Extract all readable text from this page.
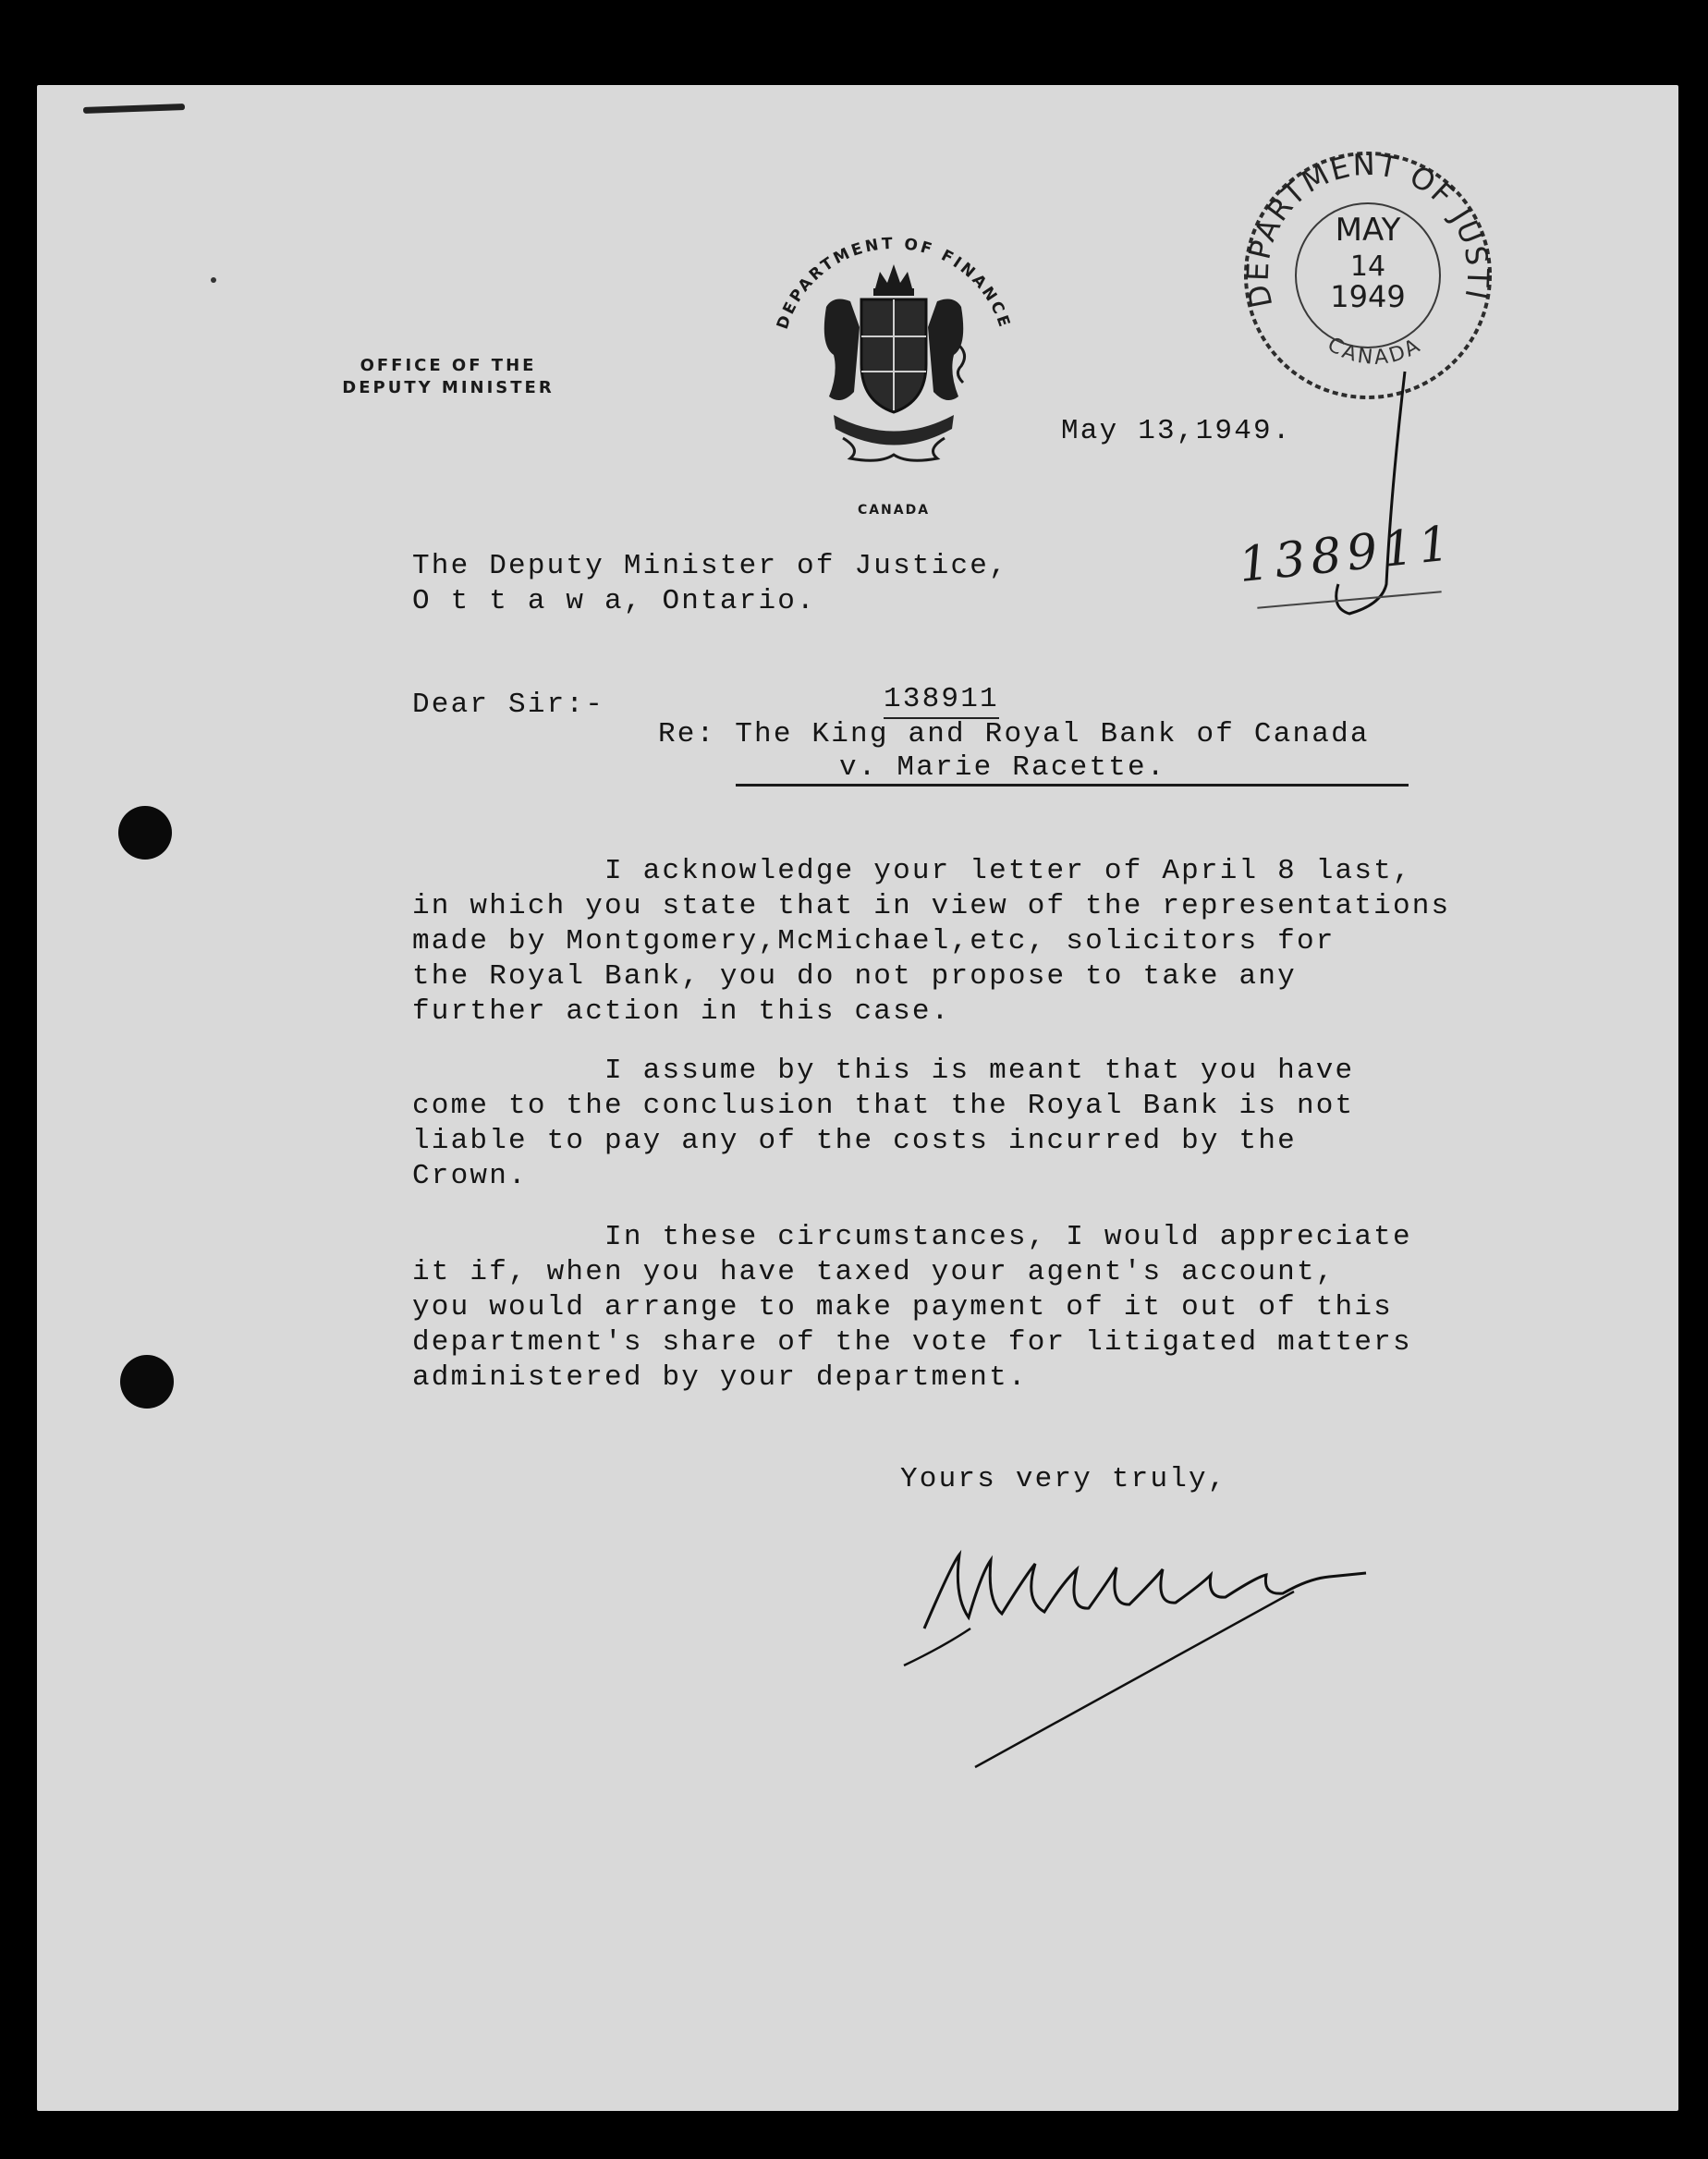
OFFICE OF THE
DEPUTY MINISTER
DEPARTMENT OF FINANCE
CANADA
DEPARTMENT OF JUSTI
CANADA
MAY
14
1949
138911
May 13,1949.
The Deputy Minister of Justice,
O t t a w a, Ontario.
Dear Sir:-	138911
Re: The King and Royal Bank of Canada
v. Marie Racette.
I acknowledge your letter of April 8 last,
in which you state that in view of the representations
made by Montgomery,McMichael,etc, solicitors for
the Royal Bank, you do not propose to take any
further action in this case.
I assume by this is meant that you have
come to the conclusion that the Royal Bank is not
liable to pay any of the costs incurred by the
Crown.
In these circumstances, I would appreciate
it if, when you have taxed your agent's account,
you would arrange to make payment of it out of this
department's share of the vote for litigated matters
administered by your department.
Yours very truly,
